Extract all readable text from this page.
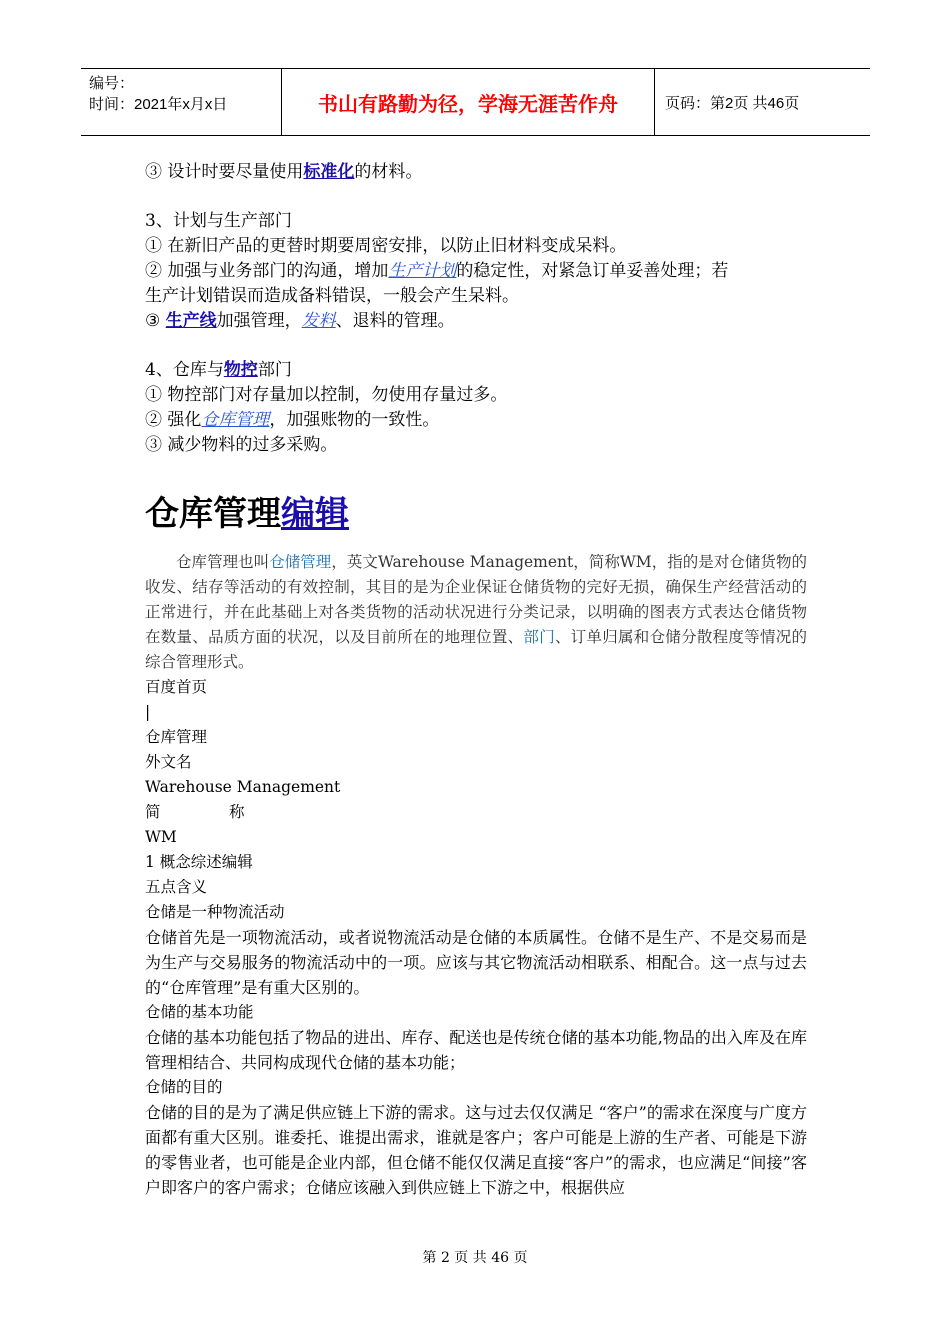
编号：
时间：2021年x月x日	书山有路勤为径，学海无涯苦作舟	页码：第2页 共46页
③ 设计时要尽量使用标准化的材料。
3、计划与生产部门
① 在新旧产品的更替时期要周密安排，以防止旧材料变成呆料。
② 加强与业务部门的沟通，增加生产计划的稳定性，对紧急订单妥善处理；若
生产计划错误而造成备料错误，一般会产生呆料。
③ 生产线加强管理，发料、退料的管理。
4、仓库与物控部门
① 物控部门对存量加以控制，勿使用存量过多。
② 强化仓库管理，加强账物的一致性。
③ 减少物料的过多采购。
仓库管理编辑
仓库管理也叫仓储管理，英文Warehouse Management，简称WM，指的是对仓储货物的收发、结存等活动的有效控制，其目的是为企业保证仓储货物的完好无损，确保生产经营活动的正常进行，并在此基础上对各类货物的活动状况进行分类记录，以明确的图表方式表达仓储货物在数量、品质方面的状况，以及目前所在的地理位置、部门、订单归属和仓储分散程度等情况的综合管理形式。
百度首页
|
仓库管理
外文名
Warehouse Management
简	称
WM
1 概念综述编辑
五点含义
仓储是一种物流活动
仓储首先是一项物流活动，或者说物流活动是仓储的本质属性。仓储不是生产、不是交易而是为生产与交易服务的物流活动中的一项。应该与其它物流活动相联系、相配合。这一点与过去的“仓库管理”是有重大区别的。
仓储的基本功能
仓储的基本功能包括了物品的进出、库存、配送也是传统仓储的基本功能,物品的出入库及在库管理相结合、共同构成现代仓储的基本功能；
仓储的目的
仓储的目的是为了满足供应链上下游的需求。这与过去仅仅满足 “客户”的需求在深度与广度方面都有重大区别。谁委托、谁提出需求，谁就是客户；客户可能是上游的生产者、可能是下游的零售业者，也可能是企业内部，但仓储不能仅仅满足直接“客户”的需求，也应满足“间接”客户即客户的客户需求；仓储应该融入到供应链上下游之中，根据供应
第 2 页 共 46 页
